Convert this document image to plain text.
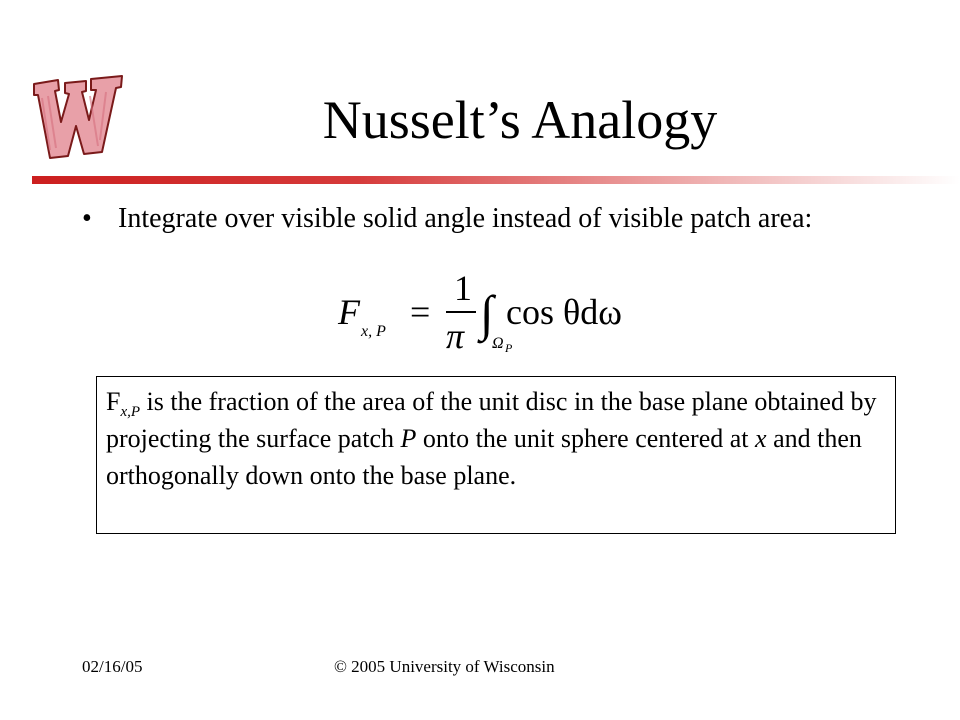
Nusselt’s Analogy
• Integrate over visible solid angle instead of visible patch area:
F x, P =
1
π ∫ cos θdω
Ω P
$F_{x,P}$ is the fraction of the area of the unit disc in the base plane obtained by projecting the surface patch P onto the unit sphere centered at x and then orthogonally down onto the base plane.
02/16/05	© 2005 University of Wisconsin
